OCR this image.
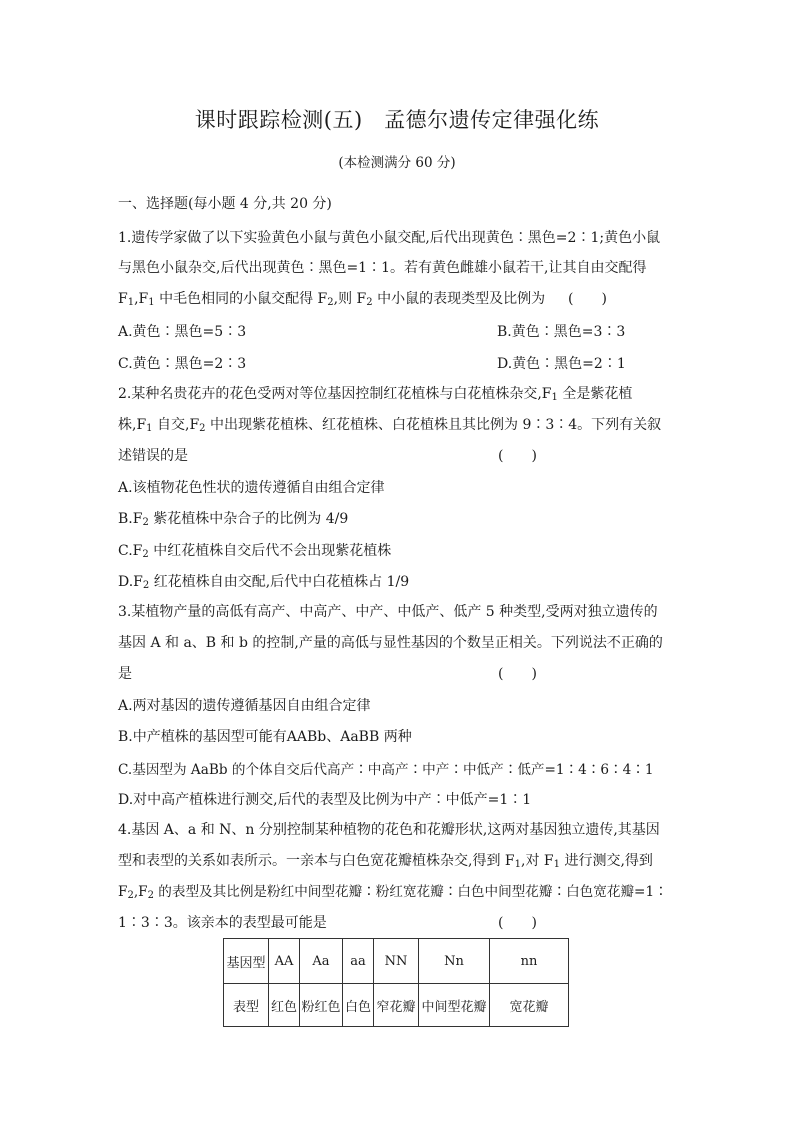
课时跟踪检测(五)　孟德尔遗传定律强化练
(本检测满分 60 分)
一、选择题(每小题 4 分,共 20 分)
1.遗传学家做了以下实验黄色小鼠与黄色小鼠交配,后代出现黄色∶黑色=2∶1;黄色小鼠
与黑色小鼠杂交,后代出现黄色∶黑色=1∶1。若有黄色雌雄小鼠若干,让其自由交配得
$F_1,F_1$ 中毛色相同的小鼠交配得 $F_2$,则 $F_2$ 中小鼠的表现类型及比例为 (　　)
A.黄色∶黑色=5∶3	B.黄色∶黑色=3∶3
C.黄色∶黑色=2∶3	D.黄色∶黑色=2∶1
2.某种名贵花卉的花色受两对等位基因控制红花植株与白花植株杂交$,F_1$ 全是紫花植
株$,F_1$ 自交$,F_2$ 中出现紫花植株、红花植株、白花植株且其比例为 9∶3∶4。下列有关叙
述错误的是	(　　)
A.该植物花色性状的遗传遵循自由组合定律
$B.F_2$ 紫花植株中杂合子的比例为 4/9
$C.F_2$ 中红花植株自交后代不会出现紫花植株
$D.F_2$ 红花植株自由交配,后代中白花植株占 1/9
3.某植物产量的高低有高产、中高产、中产、中低产、低产 5 种类型,受两对独立遗传的
基因 A 和 a、B 和 b 的控制,产量的高低与显性基因的个数呈正相关。下列说法不正确的
是	(　　)
A.两对基因的遗传遵循基因自由组合定律
B.中产植株的基因型可能有AABb、AaBB 两种
C.基因型为 AaBb 的个体自交后代高产∶中高产∶中产∶中低产∶低产=1∶4∶6∶4∶1
D.对中高产植株进行测交,后代的表型及比例为中产∶中低产=1∶1
4.基因 A、a 和 N、n 分别控制某种植物的花色和花瓣形状,这两对基因独立遗传,其基因
型和表型的关系如表所示。一亲本与白色宽花瓣植株杂交,得到 $F_1$,对 $F_1$ 进行测交,得到
$F_2,F_2$ 的表型及其比例是粉红中间型花瓣∶粉红宽花瓣∶白色中间型花瓣∶白色宽花瓣=1∶
1∶3∶3。该亲本的表型最可能是	(　　)
基因型	AA	Aa	aa	NN	Nn	nn
表型	红色	粉红色	白色	窄花瓣	中间型花瓣	宽花瓣
